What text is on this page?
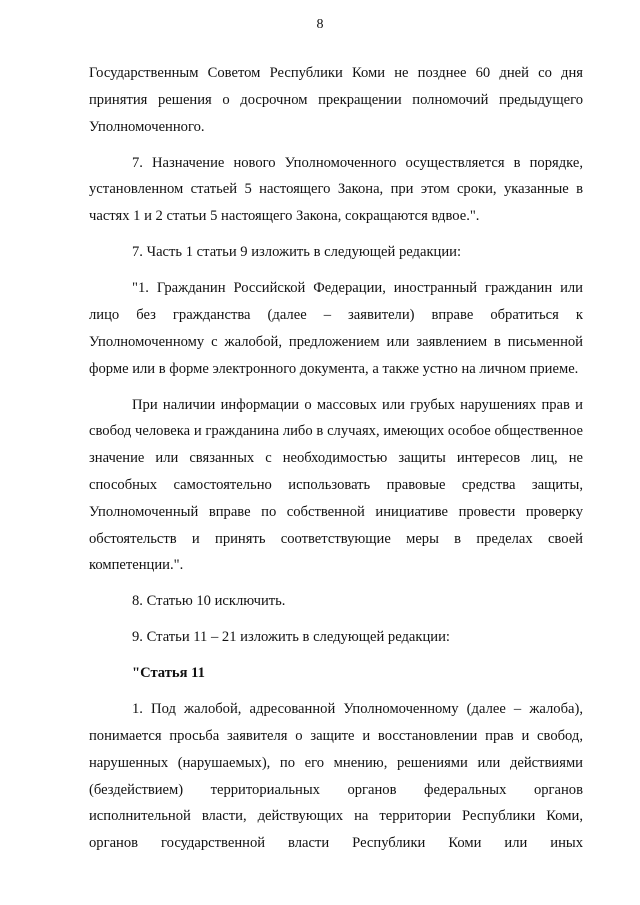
8

Государственным Советом Республики Коми не позднее 60 дней со дня принятия решения о досрочном прекращении полномочий предыдущего Уполномоченного.

7. Назначение нового Уполномоченного осуществляется в порядке, установленном статьей 5 настоящего Закона, при этом сроки, указанные в частях 1 и 2 статьи 5 настоящего Закона, сокращаются вдвое.".

7. Часть 1 статьи 9 изложить в следующей редакции:

"1. Гражданин Российской Федерации, иностранный гражданин или лицо без гражданства (далее – заявители) вправе обратиться к Уполномоченному с жалобой, предложением или заявлением в письменной форме или в форме электронного документа, а также устно на личном приеме.

При наличии информации о массовых или грубых нарушениях прав и свобод человека и гражданина либо в случаях, имеющих особое общественное значение или связанных с необходимостью защиты интересов лиц, не способных самостоятельно использовать правовые средства защиты, Уполномоченный вправе по собственной инициативе провести проверку обстоятельств и принять соответствующие меры в пределах своей компетенции.".

8. Статью 10 исключить.

9. Статьи 11 – 21 изложить в следующей редакции:

"Статья 11

1. Под жалобой, адресованной Уполномоченному (далее – жалоба), понимается просьба заявителя о защите и восстановлении прав и свобод, нарушенных (нарушаемых), по его мнению, решениями или действиями (бездействием) территориальных органов федеральных органов исполнительной власти, действующих на территории Республики Коми, органов государственной власти Республики Коми или иных
